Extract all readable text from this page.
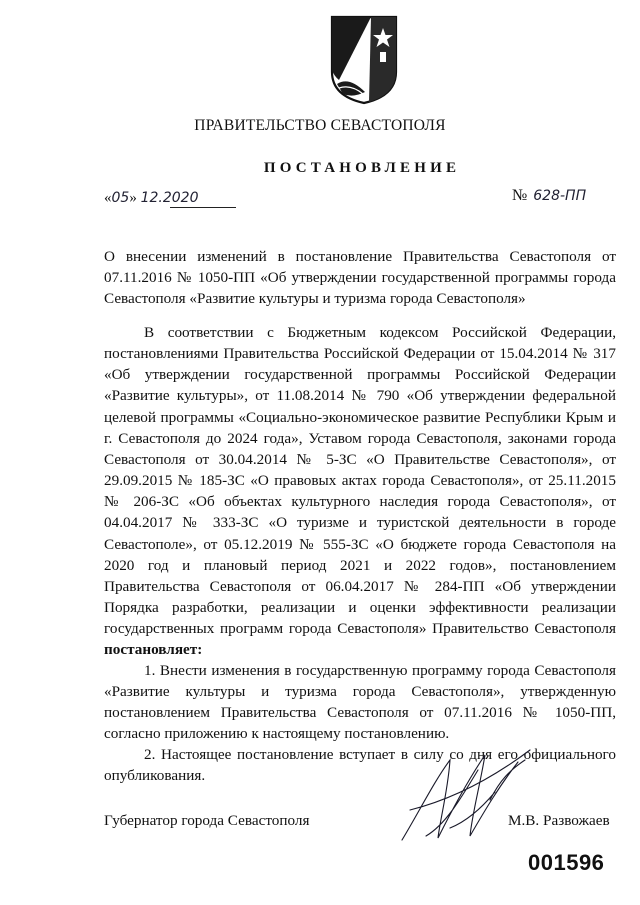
ПРАВИТЕЛЬСТВО СЕВАСТОПОЛЯ
ПОСТАНОВЛЕНИЕ
«05» 12.2020	№ 628-ПП
О внесении изменений в постановление Правительства Севастополя от 07.11.2016 № 1050-ПП «Об утверждении государственной программы города Севастополя «Развитие культуры и туризма города Севастополя»
В соответствии с Бюджетным кодексом Российской Федерации, постановлениями Правительства Российской Федерации от 15.04.2014 № 317 «Об утверждении государственной программы Российской Федерации «Развитие культуры», от 11.08.2014 № 790 «Об утверждении федеральной целевой программы «Социально-экономическое развитие Республики Крым и г. Севастополя до 2024 года», Уставом города Севастополя, законами города Севастополя от 30.04.2014 № 5-ЗС «О Правительстве Севастополя», от 29.09.2015 № 185-ЗС «О правовых актах города Севастополя», от 25.11.2015 № 206-ЗС «Об объектах культурного наследия города Севастополя», от 04.04.2017 № 333-ЗС «О туризме и туристской деятельности в городе Севастополе», от 05.12.2019 № 555-ЗС «О бюджете города Севастополя на 2020 год и плановый период 2021 и 2022 годов», постановлением Правительства Севастополя от 06.04.2017 № 284-ПП «Об утверждении Порядка разработки, реализации и оценки эффективности реализации государственных программ города Севастополя» Правительство Севастополя постановляет:

1. Внести изменения в государственную программу города Севастополя «Развитие культуры и туризма города Севастополя», утвержденную постановлением Правительства Севастополя от 07.11.2016 № 1050-ПП, согласно приложению к настоящему постановлению.

2. Настоящее постановление вступает в силу со дня его официального опубликования.

Губернатор города Севастополя	М.В. Развожаев
001596
